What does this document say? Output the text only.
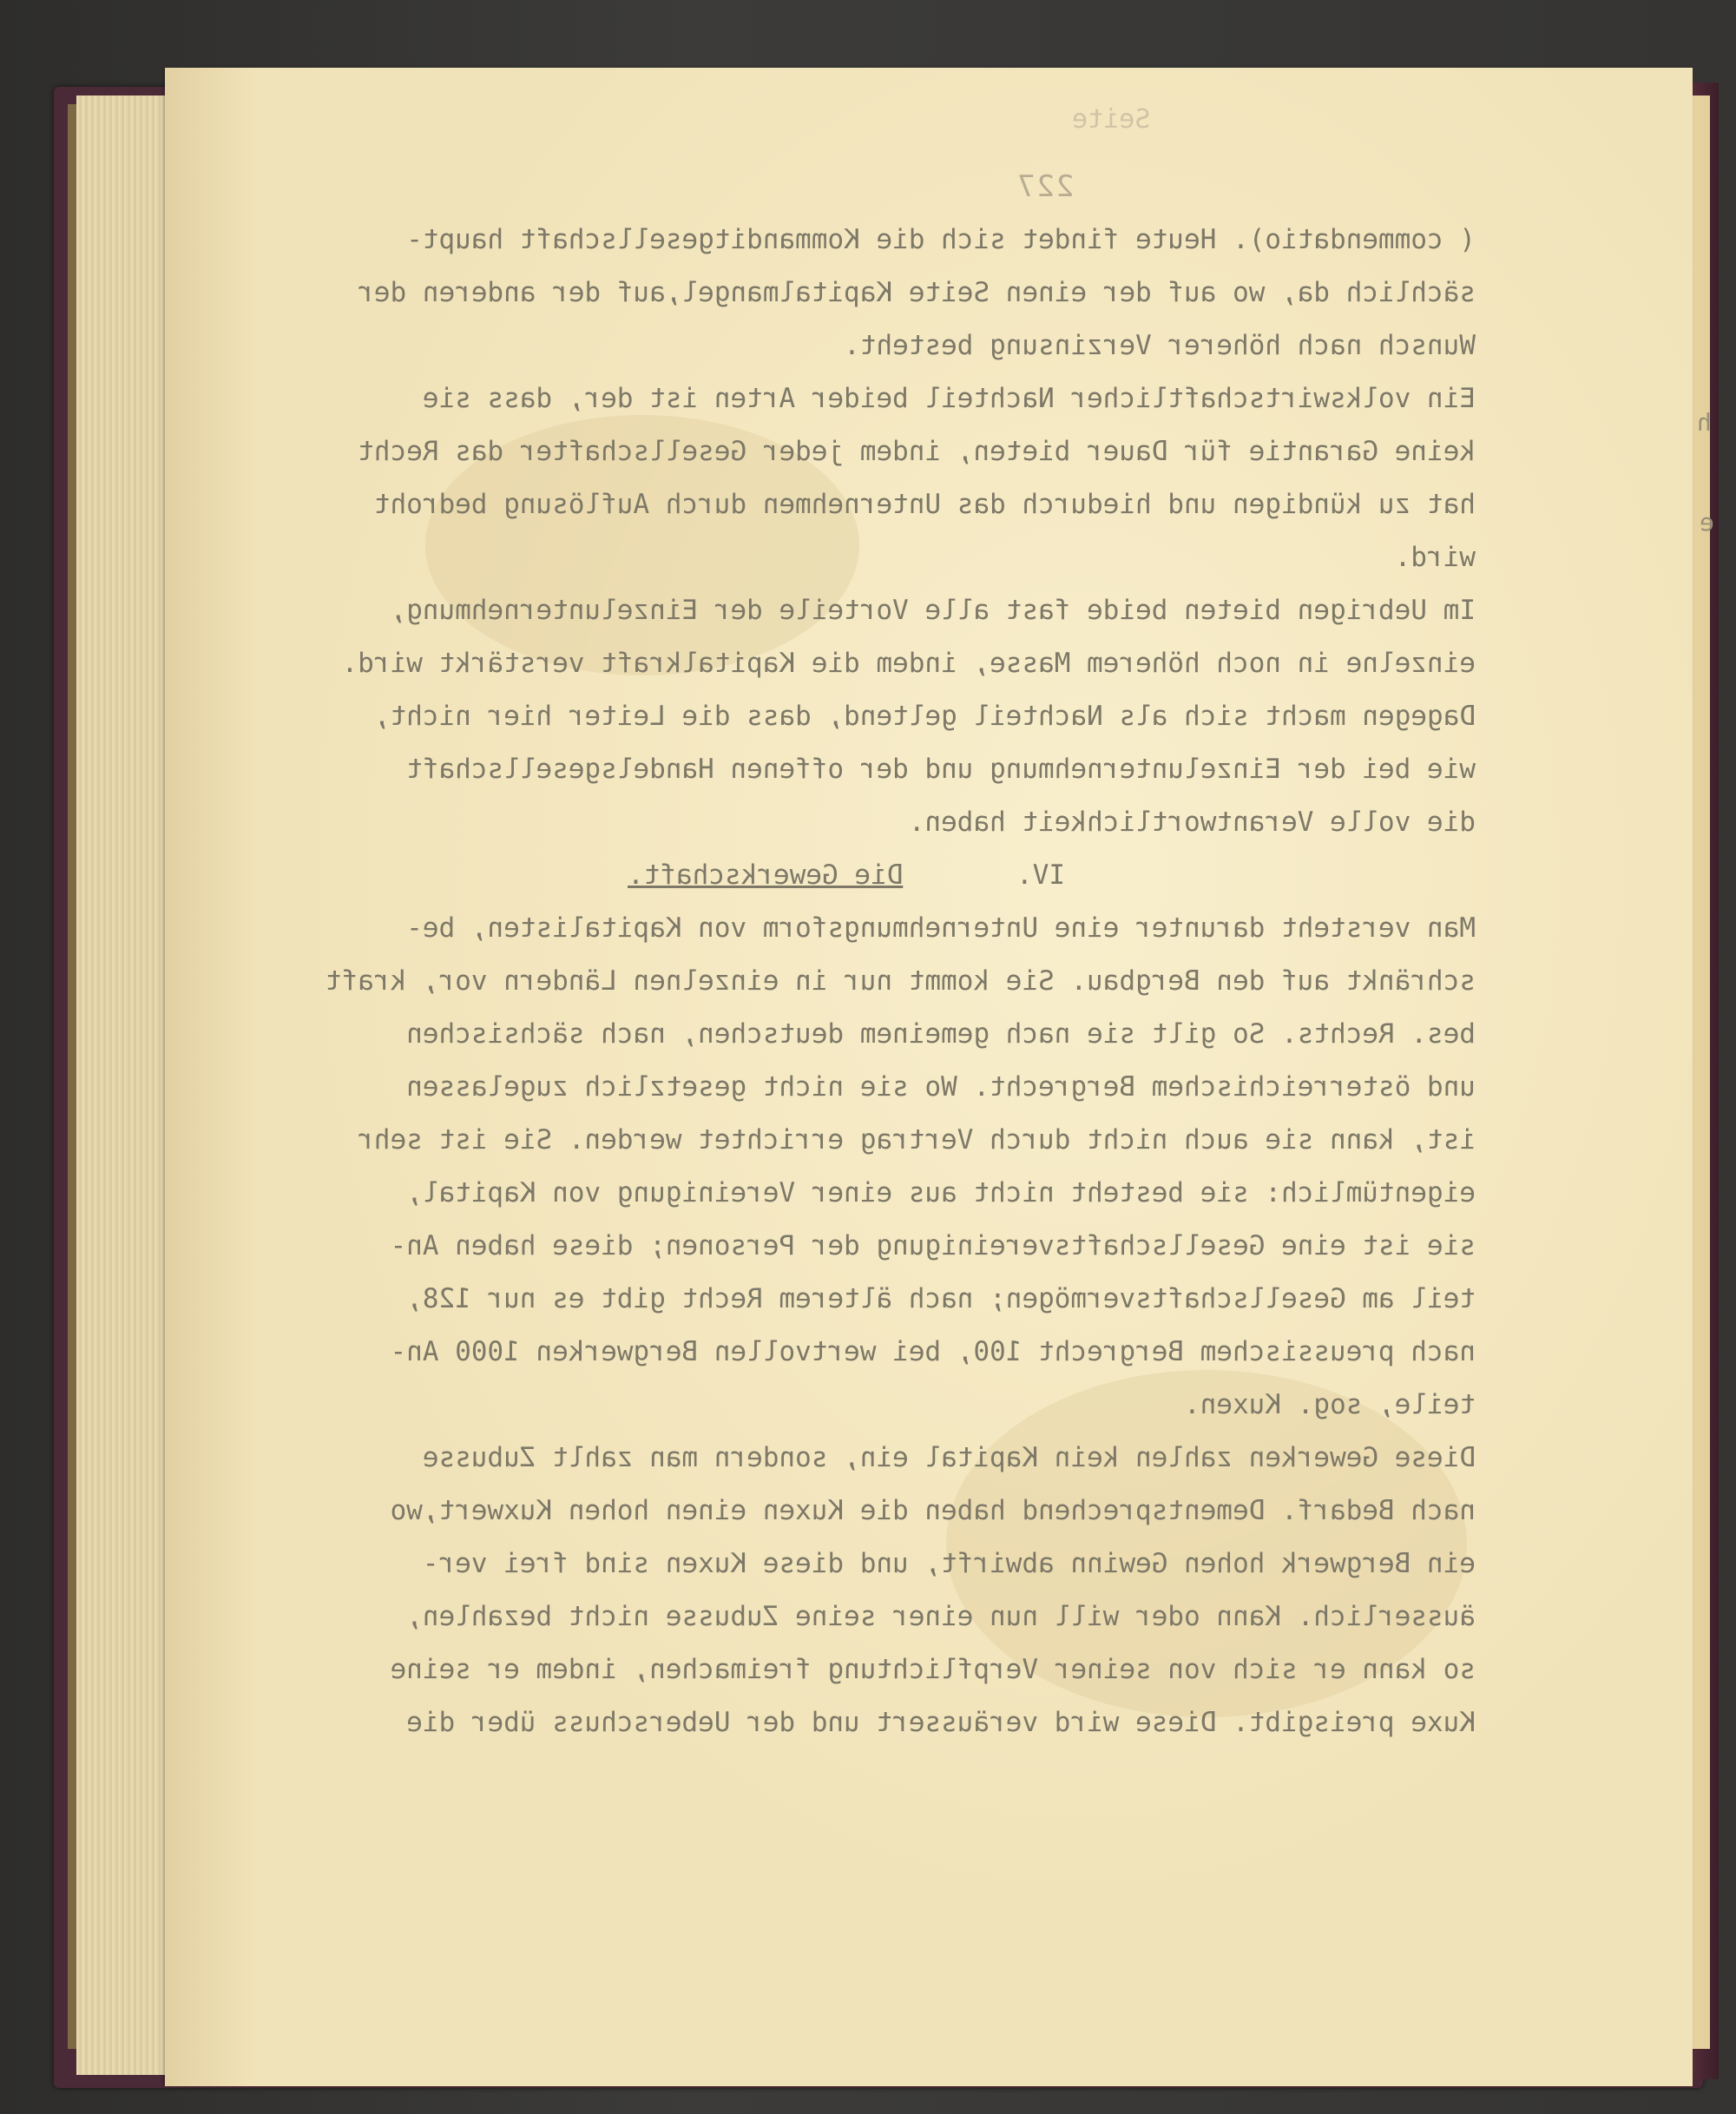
Seite
227
h
e
( commendatio). Heute findet sich die Kommanditgesellschaft haupt-
sächlich da, wo auf der einen Seite Kapitalmangel,auf der anderen der
Wunsch nach höherer Verzinsung besteht.
Ein volkswirtschaftlicher Nachteil beider Arten ist der, dass sie
keine Garantie für Dauer bieten, indem jeder Gesellschafter das Recht
hat zu kündigen und hiedurch das Unternehmen durch Auflösung bedroht
wird.
Im Uebrigen bieten beide fast alle Vorteile der Einzelunternehmung,
einzelne in noch höherem Masse, indem die Kapitalkraft verstärkt wird.
Dagegen macht sich als Nachteil geltend, dass die Leiter hier nicht,
wie bei der Einzelunternehmung und der offenen Handelsgesellschaft
die volle Verantwortlichkeit haben.
IV.       Die Gewerkschaft.
Man versteht darunter eine Unternehmungsform von Kapitalisten, be-
schränkt auf den Bergbau. Sie kommt nur in einzelnen Ländern vor, kraft
bes. Rechts. So gilt sie nach gemeinem deutschen, nach sächsischen
und österreichischem Bergrecht. Wo sie nicht gesetzlich zugelassen
ist, kann sie auch nicht durch Vertrag errichtet werden. Sie ist sehr
eigentümlich: sie besteht nicht aus einer Vereinigung von Kapital,
sie ist eine Gesellschaftsvereinigung der Personen; diese haben An-
teil am Gesellschaftsvermögen; nach älterem Recht gibt es nur 128,
nach preussischem Bergrecht 100, bei wertvollen Bergwerken 1000 An-
teile, sog. Kuxen.
Diese Gewerken zahlen kein Kapital ein, sondern man zahlt Zubusse
nach Bedarf. Dementsprechend haben die Kuxen einen hohen Kuxwert,wo
ein Bergwerk hohen Gewinn abwirft, und diese Kuxen sind frei ver-
äusserlich. Kann oder will nun einer seine Zubusse nicht bezahlen,
so kann er sich von seiner Verpflichtung freimachen, indem er seine
Kuxe preisgibt. Diese wird veräussert und der Ueberschuss über die
